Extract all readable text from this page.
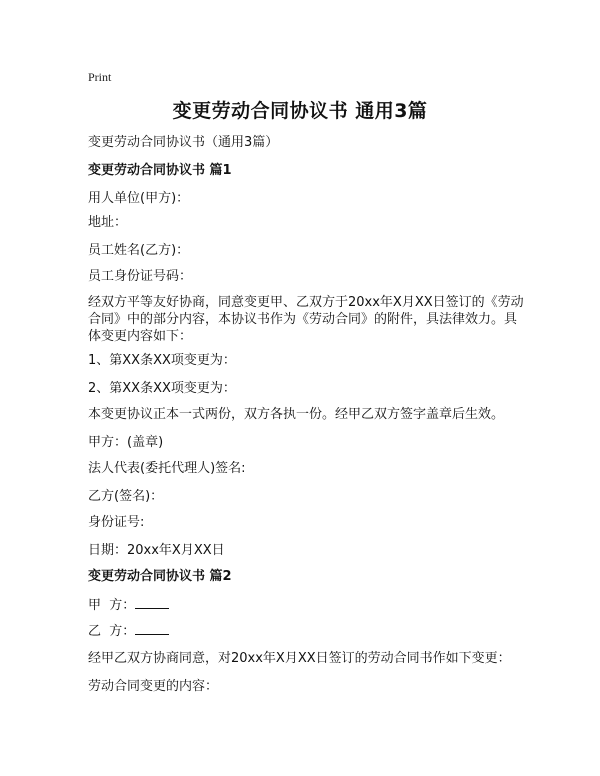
Print
变更劳动合同协议书 通用3篇
变更劳动合同协议书（通用3篇）
变更劳动合同协议书 篇1
用人单位(甲方)：
地址：
员工姓名(乙方)：
员工身份证号码：
经双方平等友好协商，同意变更甲、乙双方于20xx年X月XX日签订的《劳动合同》中的部分内容，本协议书作为《劳动合同》的附件，具法律效力。具体变更内容如下：
1、第XX条XX项变更为：
2、第XX条XX项变更为：
本变更协议正本一式两份，双方各执一份。经甲乙双方签字盖章后生效。
甲方：(盖章)
法人代表(委托代理人)签名:
乙方(签名)：
身份证号:
日期：20xx年X月XX日
变更劳动合同协议书 篇2
甲  方：
乙  方：
经甲乙双方协商同意，对20xx年X月XX日签订的劳动合同书作如下变更：
劳动合同变更的内容：
